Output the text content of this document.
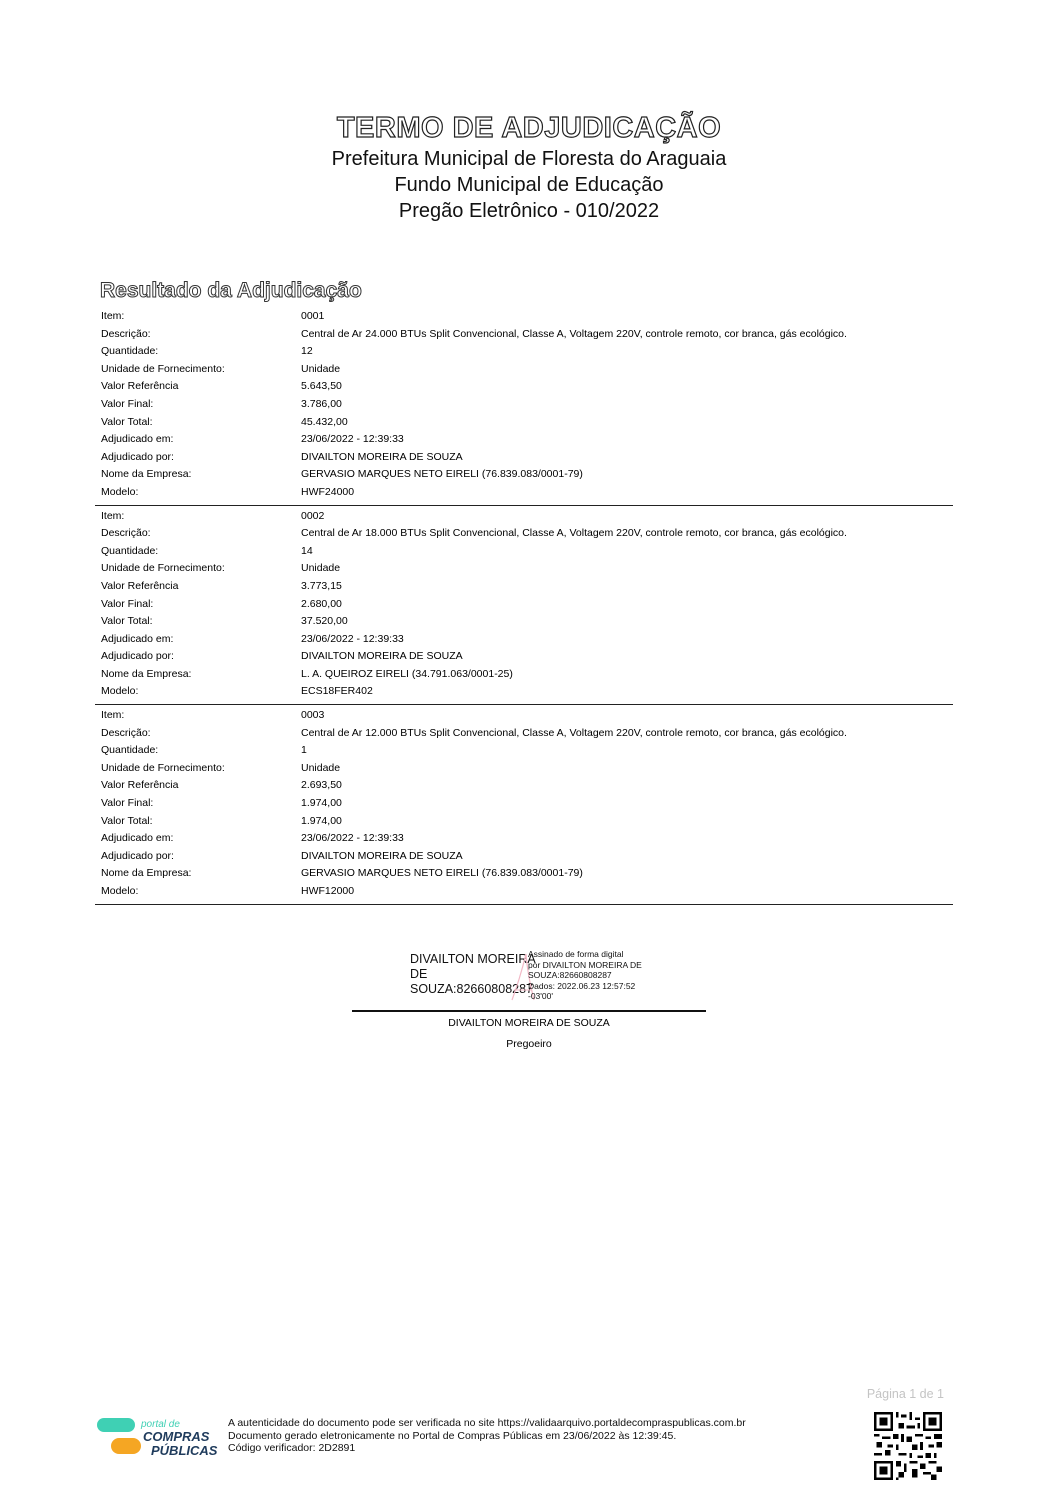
TERMO DE ADJUDICAÇÃO
Prefeitura Municipal de Floresta do Araguaia
Fundo Municipal de Educação
Pregão Eletrônico - 010/2022
Resultado da Adjudicação
Item:	0001
Descrição:	Central de Ar 24.000 BTUs Split Convencional, Classe A, Voltagem 220V, controle remoto, cor branca, gás ecológico.
Quantidade:	12
Unidade de Fornecimento:	Unidade
Valor Referência	5.643,50
Valor Final:	3.786,00
Valor Total:	45.432,00
Adjudicado em:	23/06/2022 - 12:39:33
Adjudicado por:	DIVAILTON MOREIRA DE SOUZA
Nome da Empresa:	GERVASIO MARQUES NETO EIRELI (76.839.083/0001-79)
Modelo:	HWF24000
Item:	0002
Descrição:	Central de Ar 18.000 BTUs Split Convencional, Classe A, Voltagem 220V, controle remoto, cor branca, gás ecológico.
Quantidade:	14
Unidade de Fornecimento:	Unidade
Valor Referência	3.773,15
Valor Final:	2.680,00
Valor Total:	37.520,00
Adjudicado em:	23/06/2022 - 12:39:33
Adjudicado por:	DIVAILTON MOREIRA DE SOUZA
Nome da Empresa:	L. A. QUEIROZ EIRELI (34.791.063/0001-25)
Modelo:	ECS18FER402
Item:	0003
Descrição:	Central de Ar 12.000 BTUs Split Convencional, Classe A, Voltagem 220V, controle remoto, cor branca, gás ecológico.
Quantidade:	1
Unidade de Fornecimento:	Unidade
Valor Referência	2.693,50
Valor Final:	1.974,00
Valor Total:	1.974,00
Adjudicado em:	23/06/2022 - 12:39:33
Adjudicado por:	DIVAILTON MOREIRA DE SOUZA
Nome da Empresa:	GERVASIO MARQUES NETO EIRELI (76.839.083/0001-79)
Modelo:	HWF12000
DIVAILTON MOREIRA
DE
SOUZA:82660808287
Assinado de forma digital
por DIVAILTON MOREIRA DE
SOUZA:82660808287
Dados: 2022.06.23 12:57:52
-03'00'
DIVAILTON MOREIRA DE SOUZA
Pregoeiro
Página 1 de 1
portal de
COMPRAS
PÚBLICAS
A autenticidade do documento pode ser verificada no site https://validaarquivo.portaldecompraspublicas.com.br
Documento gerado eletronicamente no Portal de Compras Públicas em 23/06/2022 às 12:39:45.
Código verificador: 2D2891
